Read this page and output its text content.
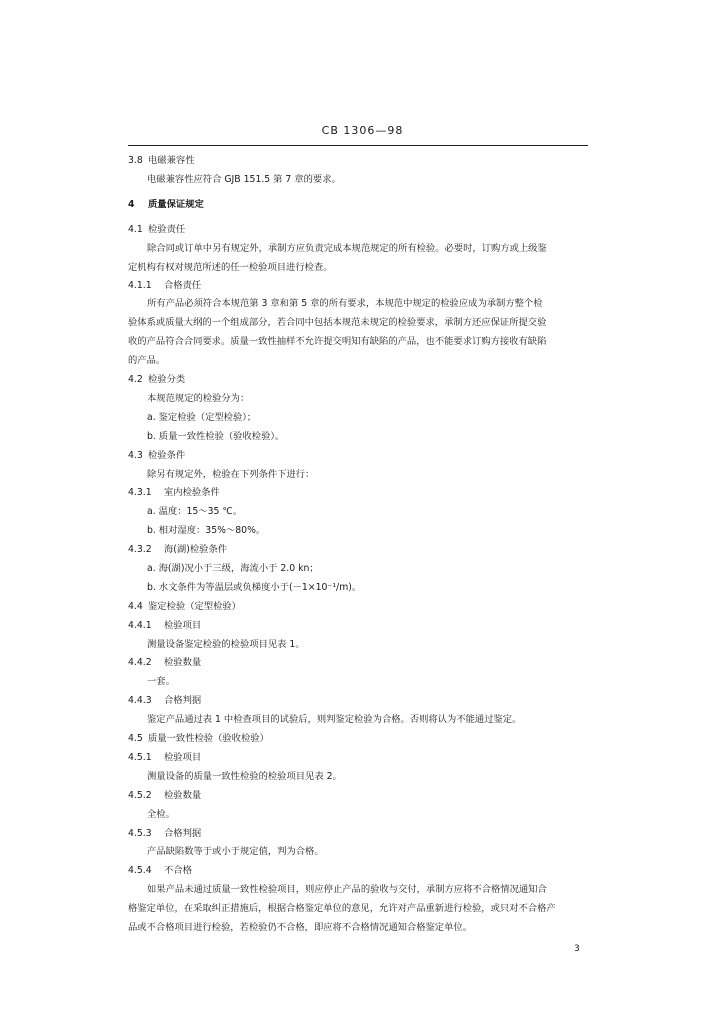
CB 1306—98
3.8 电磁兼容性
电磁兼容性应符合 GJB 151.5 第 7 章的要求。
4 质量保证规定
4.1 检验责任
除合同或订单中另有规定外，承制方应负责完成本规范规定的所有检验。必要时，订购方或上级鉴
定机构有权对规范所述的任一检验项目进行检查。
4.1.1 合格责任
所有产品必须符合本规范第 3 章和第 5 章的所有要求，本规范中规定的检验应成为承制方整个检
验体系或质量大纲的一个组成部分，若合同中包括本规范未规定的检验要求，承制方还应保证所提交验
收的产品符合合同要求。质量一致性抽样不允许提交明知有缺陷的产品，也不能要求订购方接收有缺陷
的产品。
4.2 检验分类
本规范规定的检验分为：
a. 鉴定检验（定型检验）；
b. 质量一致性检验（验收检验）。
4.3 检验条件
除另有规定外，检验在下列条件下进行：
4.3.1 室内检验条件
a. 温度：15～35 ℃。
b. 相对湿度：35%～80%。
4.3.2 海(湖)检验条件
a. 海(湖)况小于三级，海流小于 2.0 kn；
b. 水文条件为等温层或负梯度小于(－1×10⁻¹/m)。
4.4 鉴定检验（定型检验）
4.4.1 检验项目
测量设备鉴定检验的检验项目见表 1。
4.4.2 检验数量
一套。
4.4.3 合格判据
鉴定产品通过表 1 中检查项目的试验后，则判鉴定检验为合格。否则将认为不能通过鉴定。
4.5 质量一致性检验（验收检验）
4.5.1 检验项目
测量设备的质量一致性检验的检验项目见表 2。
4.5.2 检验数量
全检。
4.5.3 合格判据
产品缺陷数等于或小于规定值，判为合格。
4.5.4 不合格
如果产品未通过质量一致性检验项目，则应停止产品的验收与交付，承制方应将不合格情况通知合
格鉴定单位，在采取纠正措施后，根据合格鉴定单位的意见，允许对产品重新进行检验，或只对不合格产
品或不合格项目进行检验，若检验仍不合格，即应将不合格情况通知合格鉴定单位。
3
